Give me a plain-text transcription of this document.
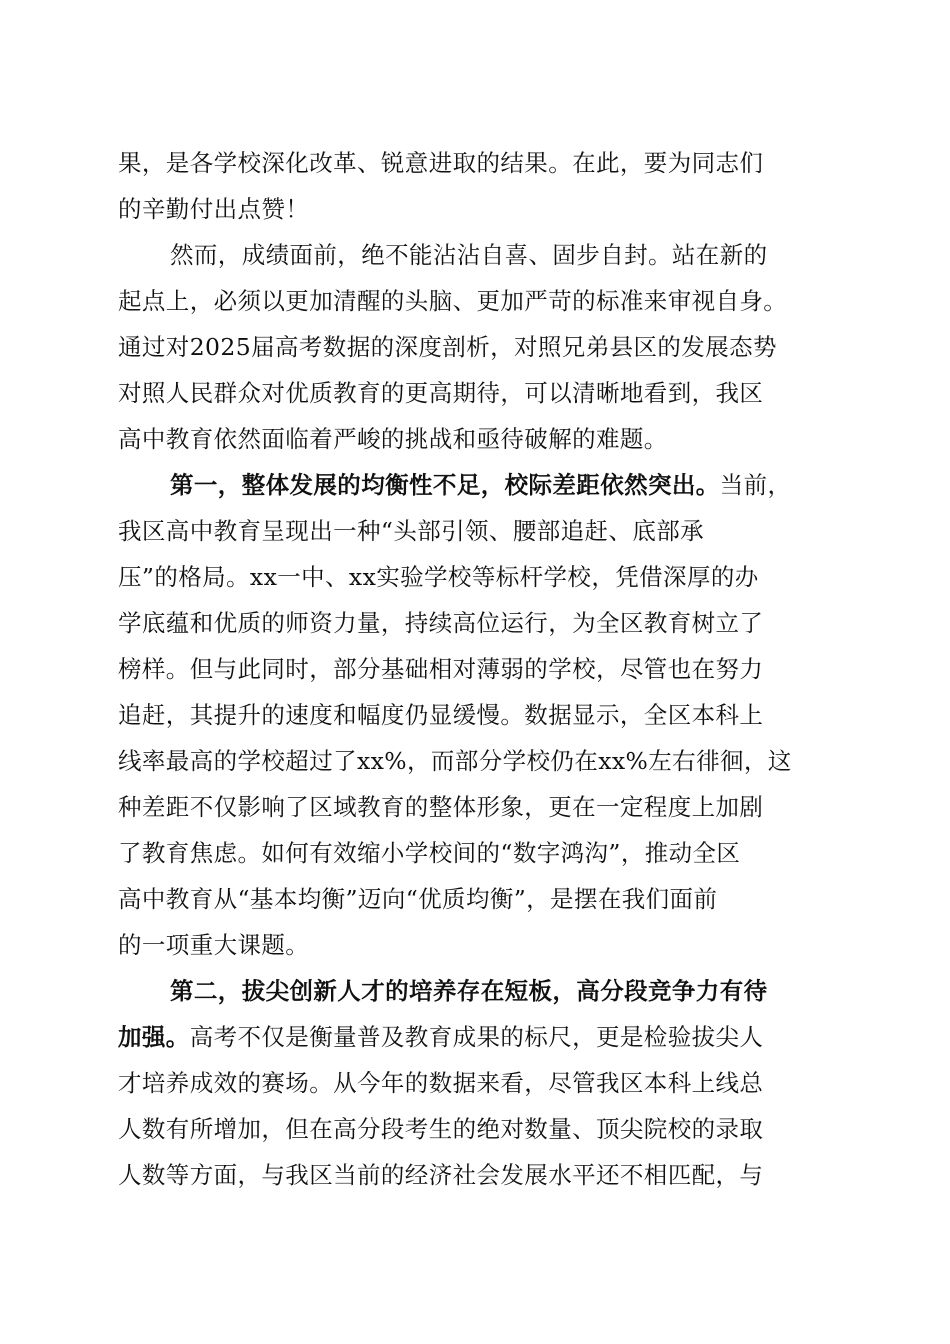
果，是各学校深化改革、锐意进取的结果。在此，要为同志们
的辛勤付出点赞！
然而，成绩面前，绝不能沾沾自喜、固步自封。站在新的
起点上，必须以更加清醒的头脑、更加严苛的标准来审视自身。
通过对2025届高考数据的深度剖析，对照兄弟县区的发展态势
对照人民群众对优质教育的更高期待，可以清晰地看到，我区
高中教育依然面临着严峻的挑战和亟待破解的难题。
第一，整体发展的均衡性不足，校际差距依然突出。当前，
我区高中教育呈现出一种“头部引领、腰部追赶、底部承
压”的格局。xx一中、xx实验学校等标杆学校，凭借深厚的办
学底蕴和优质的师资力量，持续高位运行，为全区教育树立了
榜样。但与此同时，部分基础相对薄弱的学校，尽管也在努力
追赶，其提升的速度和幅度仍显缓慢。数据显示，全区本科上
线率最高的学校超过了xx%，而部分学校仍在xx%左右徘徊，这
种差距不仅影响了区域教育的整体形象，更在一定程度上加剧
了教育焦虑。如何有效缩小学校间的“数字鸿沟”，推动全区
高中教育从“基本均衡”迈向“优质均衡”，是摆在我们面前
的一项重大课题。
第二，拔尖创新人才的培养存在短板，高分段竞争力有待
加强。高考不仅是衡量普及教育成果的标尺，更是检验拔尖人
才培养成效的赛场。从今年的数据来看，尽管我区本科上线总
人数有所增加，但在高分段考生的绝对数量、顶尖院校的录取
人数等方面，与我区当前的经济社会发展水平还不相匹配，与
